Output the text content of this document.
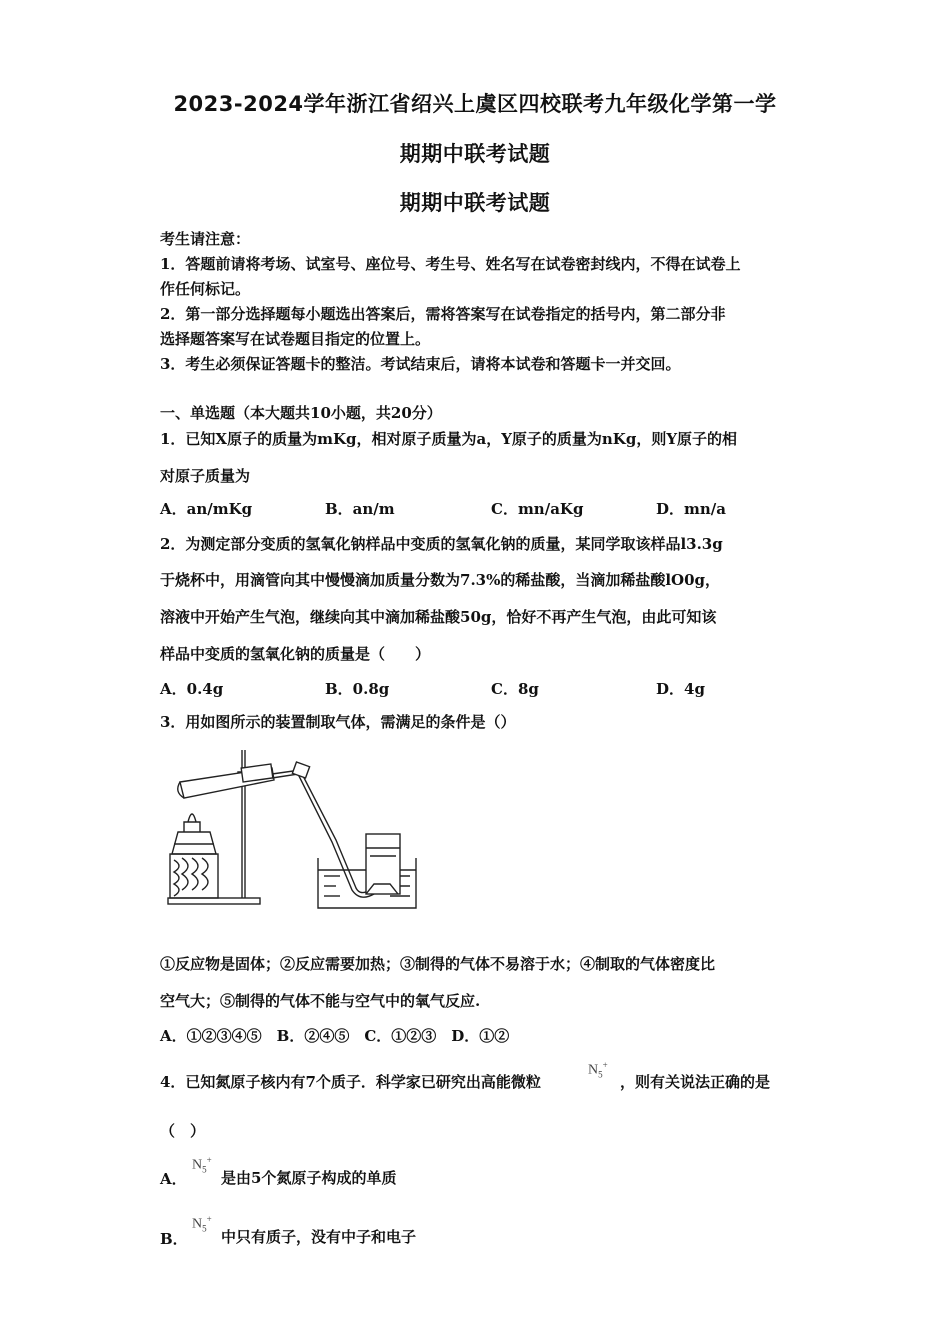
2023-2024学年浙江省绍兴上虞区四校联考九年级化学第一学
期期中联考试题
期期中联考试题
考生请注意：
1．答题前请将考场、试室号、座位号、考生号、姓名写在试卷密封线内，不得在试卷上
作任何标记。
2．第一部分选择题每小题选出答案后，需将答案写在试卷指定的括号内，第二部分非
选择题答案写在试卷题目指定的位置上。
3．考生必须保证答题卡的整洁。考试结束后，请将本试卷和答题卡一并交回。
一、单选题（本大题共10小题，共20分）
1．已知X原子的质量为mKg，相对原子质量为a，Y原子的质量为nKg，则Y原子的相
对原子质量为
A．an/mKg	B．an/m	C．mn/aKg	D．mn/a
2．为测定部分变质的氢氧化钠样品中变质的氢氧化钠的质量，某同学取该样品l3.3g
于烧杯中，用滴管向其中慢慢滴加质量分数为7.3%的稀盐酸，当滴加稀盐酸lO0g，
溶液中开始产生气泡，继续向其中滴加稀盐酸50g，恰好不再产生气泡，由此可知该
样品中变质的氢氧化钠的质量是（　　）
A．0.4g	B．0.8g	C．8g	D．4g
3．用如图所示的装置制取气体，需满足的条件是（）
①反应物是固体；②反应需要加热；③制得的气体不易溶于水；④制取的气体密度比
空气大；⑤制得的气体不能与空气中的氧气反应.
A．①②③④⑤　B．②④⑤　C．①②③　D．①②
4．已知氮原子核内有7个质子．科学家已研究出高能微粒
$N_5^+$
，则有关说法正确的是
（　）
A．
$N_5^+$
是由5个氮原子构成的单质
B．
$N_5^+$
中只有质子，没有中子和电子
